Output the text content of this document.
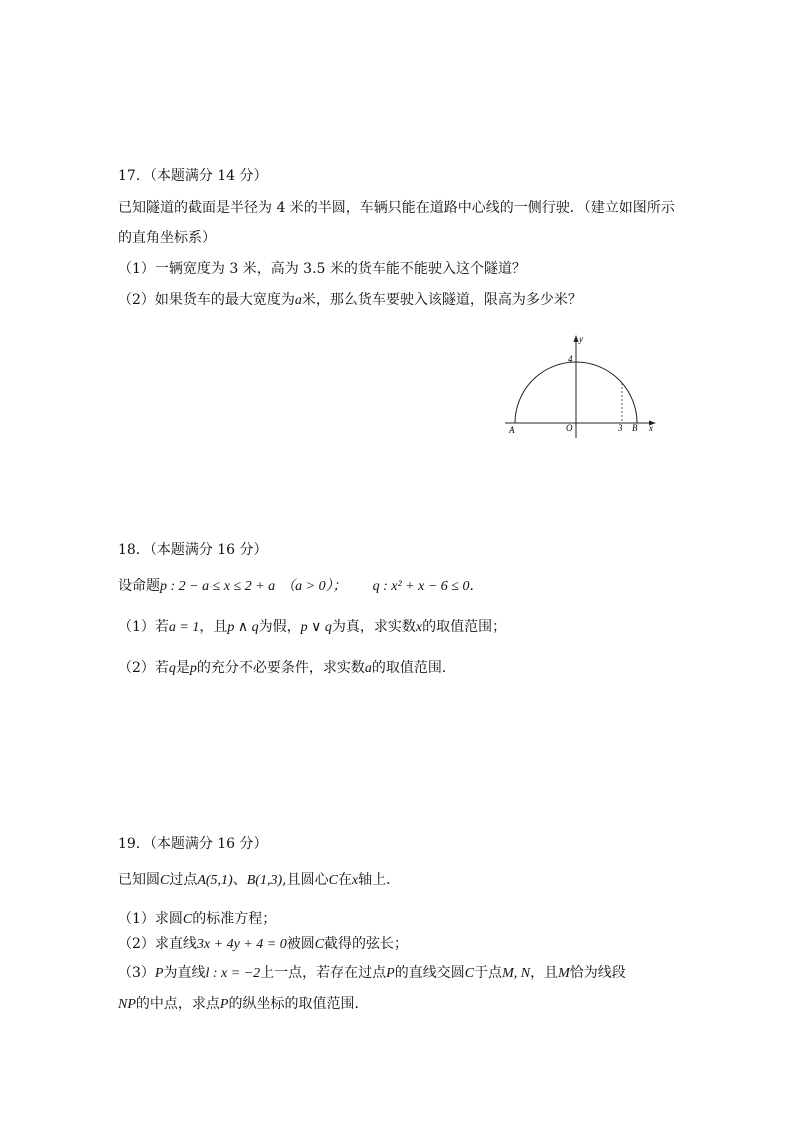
17．（本题满分 14 分）
已知隧道的截面是半径为 4 米的半圆，车辆只能在道路中心线的一侧行驶．（建立如图所示
的直角坐标系）
（1）一辆宽度为 3 米，高为 3.5 米的货车能不能驶入这个隧道？
（2）如果货车的最大宽度为a米，那么货车要驶入该隧道，限高为多少米？
y
x
4
A	O	3 B
18．（本题满分 16 分）
设命题p : 2 − a ≤ x ≤ 2 + a （a > 0）； q : x² + x − 6 ≤ 0．
（1）若a = 1，且p ∧ q为假，p ∨ q为真，求实数x的取值范围；
（2）若q是p的充分不必要条件，求实数a的取值范围．
19．（本题满分 16 分）
已知圆C过点A(5,1)、B(1,3),且圆心C在x轴上．
（1）求圆C的标准方程；
（2）求直线3x + 4y + 4 = 0被圆C截得的弦长；
（3）P为直线l : x = −2上一点，若存在过点P的直线交圆C于点M, N，且M恰为线段
NP的中点，求点P的纵坐标的取值范围．
